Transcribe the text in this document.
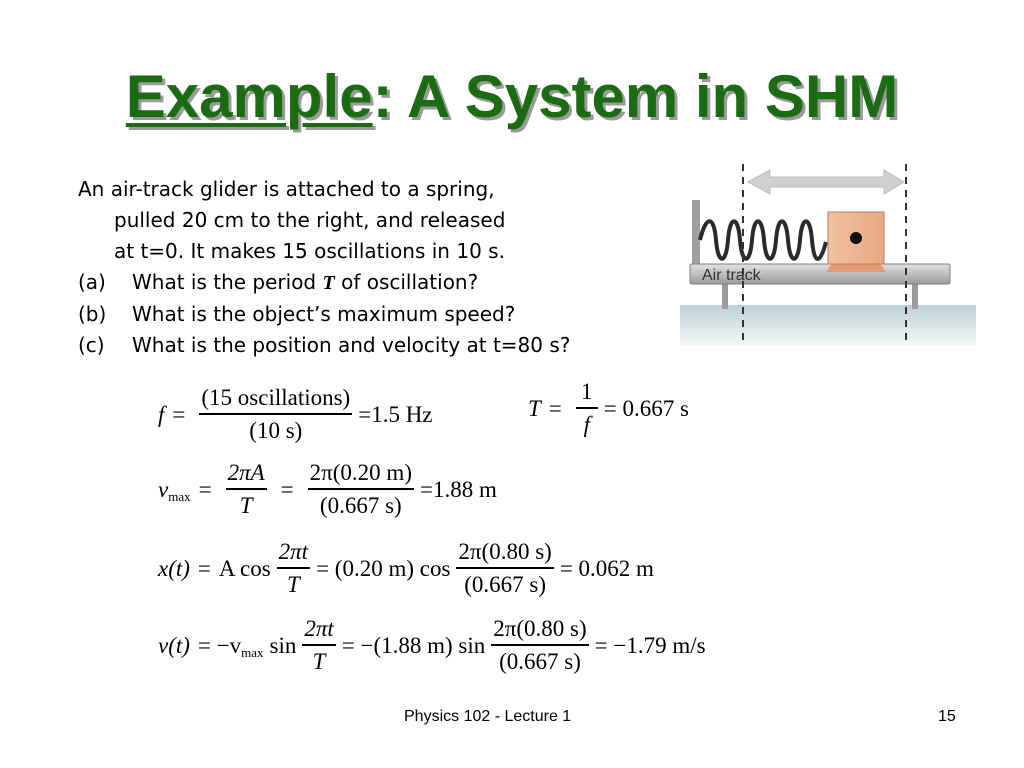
Example: A System in SHM
An air-track glider is attached to a spring,
pulled 20 cm to the right, and released
at t=0. It makes 15 oscillations in 10 s.
(a) What is the period T of oscillation?
(b) What is the object’s maximum speed?
(c) What is the position and velocity at t=80 s?
Air track
$f = \frac{\text{(15 oscillations)}}{(10 s)} =1.5$ Hz	$T = \frac{1}{f} = 0.667$ s
v $\max = \frac{2\pi A}{T} = \frac{2\pi(0.20 m)}{(0.667 s)} =1.88$ m
x(t) = A $\cos \frac{2\pi t}{T} = (0.20$ m) $\cos \frac{2\pi(0.80 s)}{(0.667 s)} = 0.062$ m
v(t) = −v $\max \sin \frac{2\pi t}{T} = -(1.88$ m) $\sin \frac{2\pi(0.80 s)}{(0.667 s)} = -1.79$ m/s
Physics 102 - Lecture 1	15
